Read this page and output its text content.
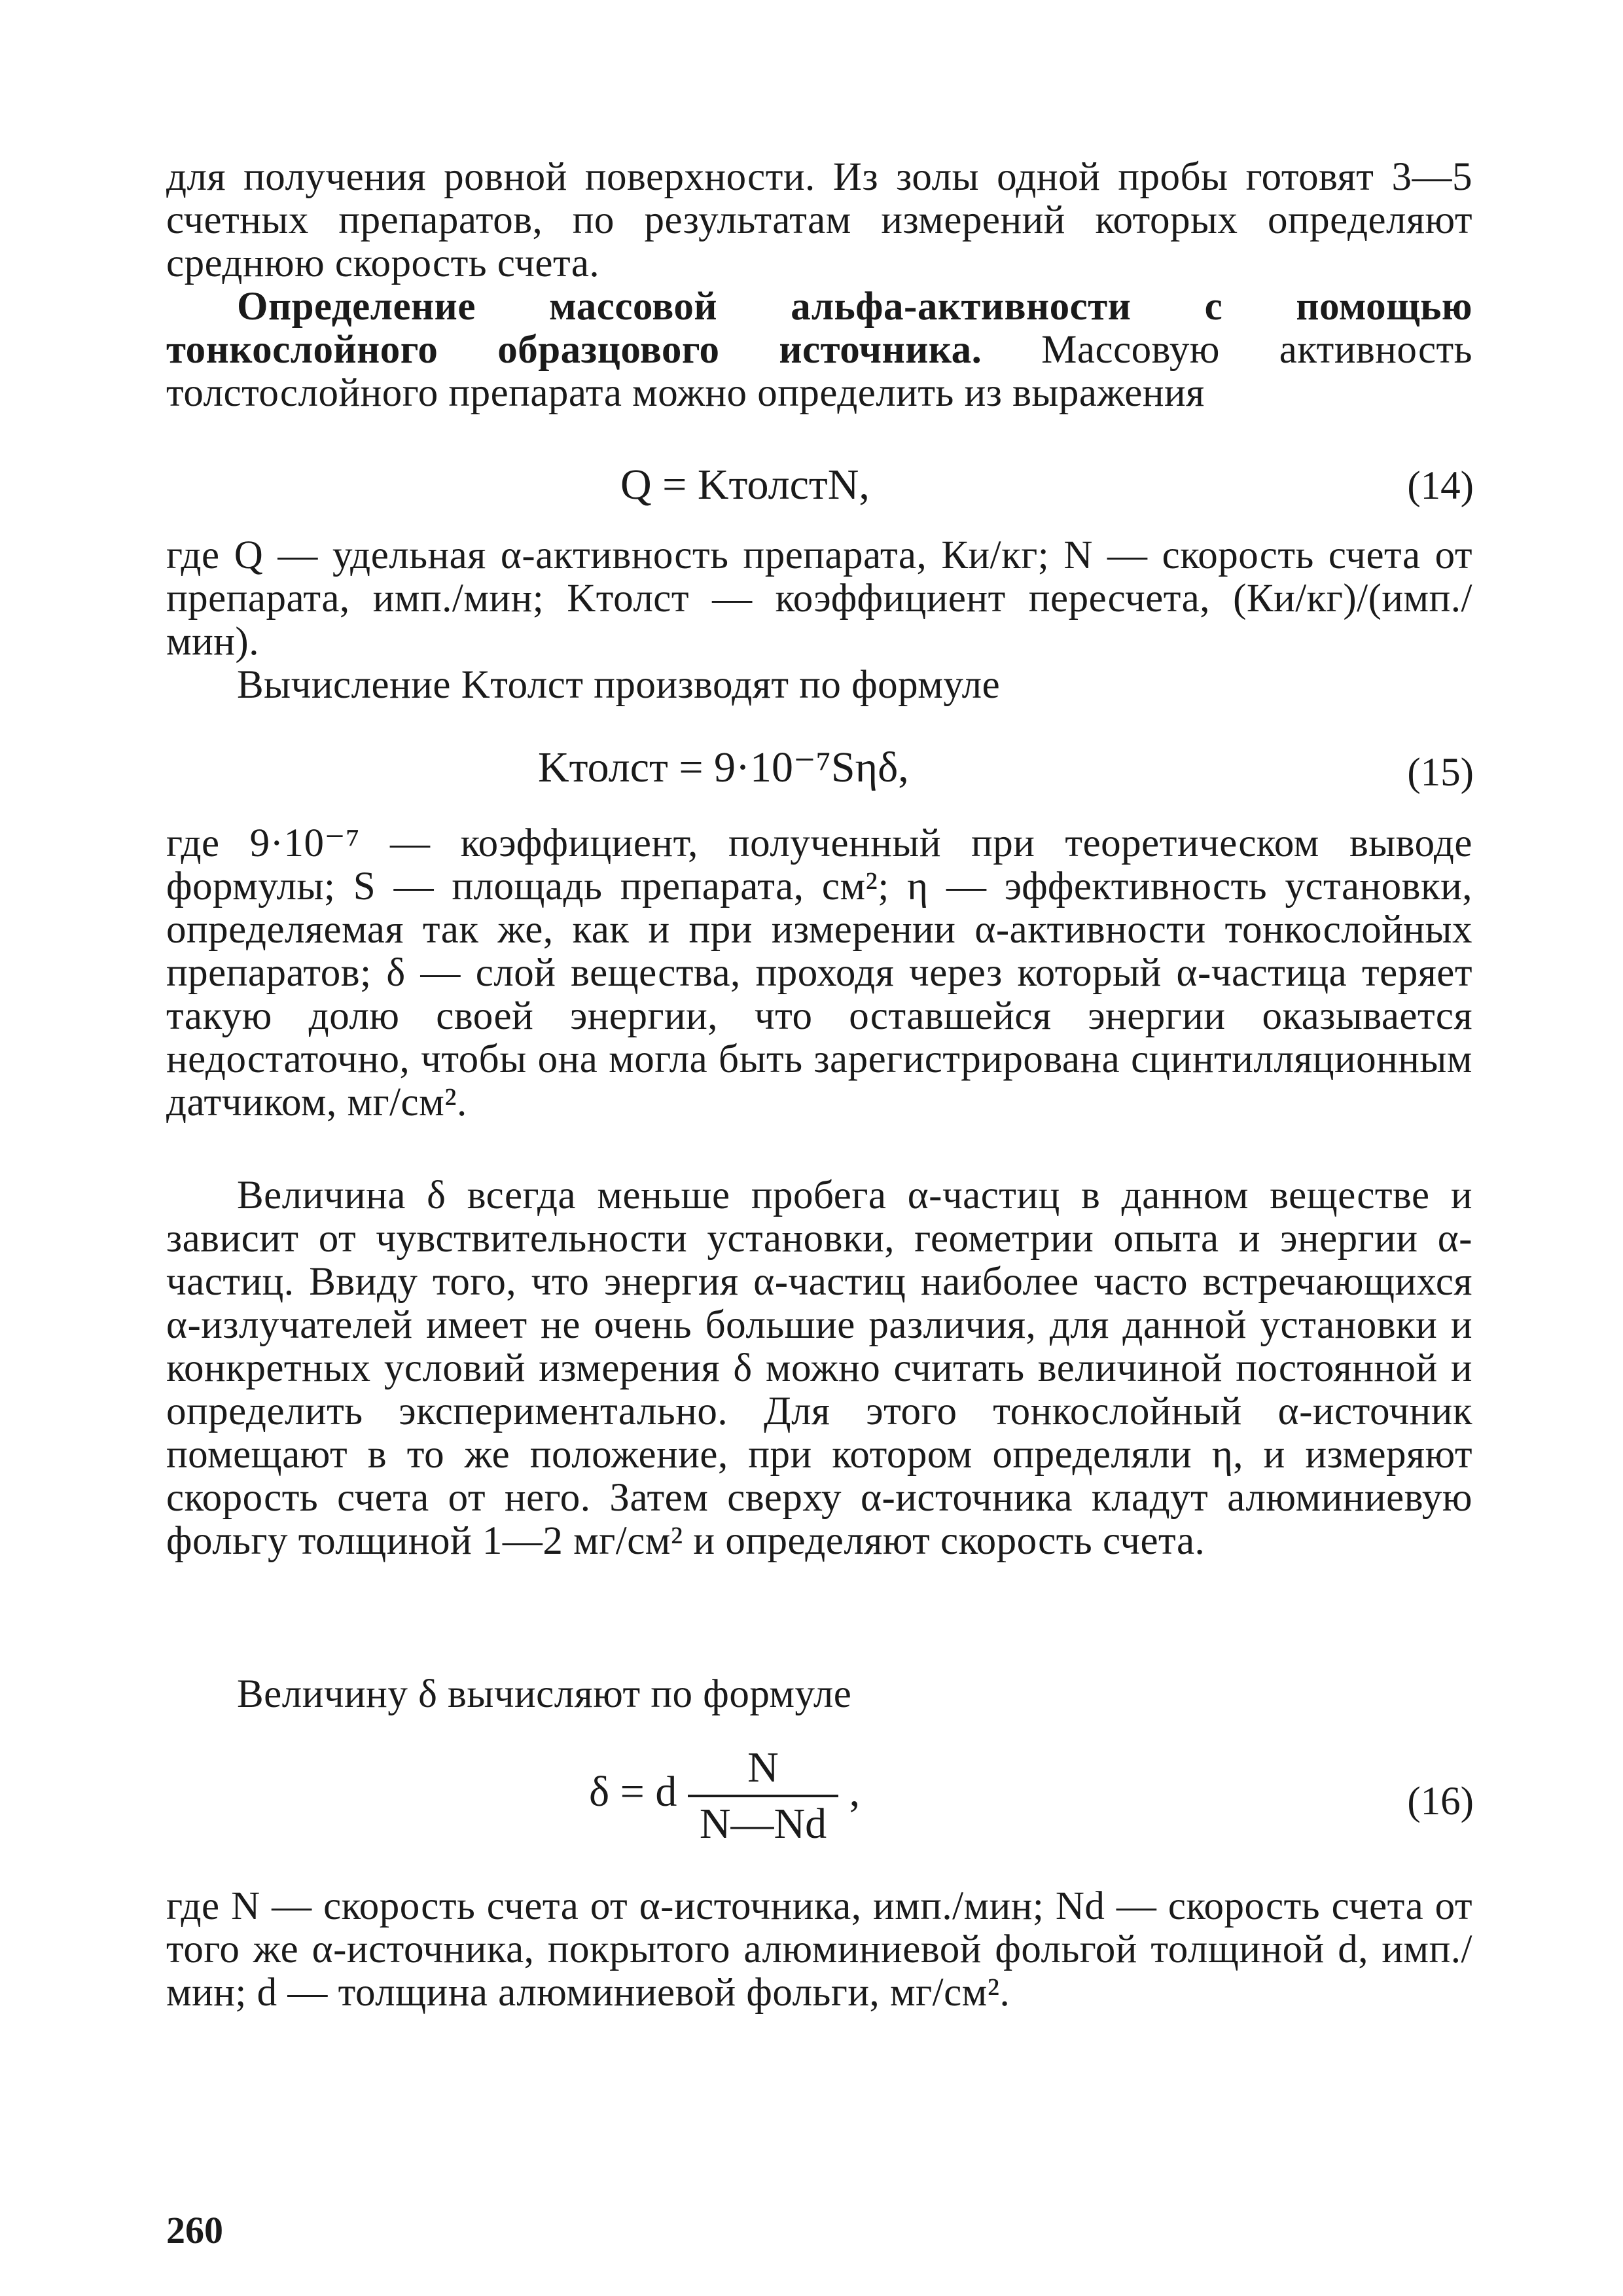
для получения ровной поверхности. Из золы одной пробы готовят 3—5 счетных препаратов, по результатам измерений которых определяют среднюю скорость счета.

Определение массовой альфа-активности с помощью тонкослойного образцового источника. Массовую активность толстослойного препарата можно определить из выражения

Q = KтолстN,	(14)

где Q — удельная α-активность препарата, Ки/кг; N — скорость счета от препарата, имп./мин; Kтолст — коэффициент пересчета, (Ки/кг)/(имп./мин).

Вычисление Kтолст производят по формуле

Kтолст = 9·10⁻⁷Sηδ,	(15)

где 9·10⁻⁷ — коэффициент, полученный при теоретическом выводе формулы; S — площадь препарата, см²; η — эффективность установки, определяемая так же, как и при измерении α-активности тонкослойных препаратов; δ — слой вещества, проходя через который α-частица теряет такую долю своей энергии, что оставшейся энергии оказывается недостаточно, чтобы она могла быть зарегистрирована сцинтилляционным датчиком, мг/см².

Величина δ всегда меньше пробега α-частиц в данном веществе и зависит от чувствительности установки, геометрии опыта и энергии α-частиц. Ввиду того, что энергия α-частиц наиболее часто встречающихся α-излучателей имеет не очень большие различия, для данной установки и конкретных условий измерения δ можно считать величиной постоянной и определить экспериментально. Для этого тонкослойный α-источник помещают в то же положение, при котором определяли η, и измеряют скорость счета от него. Затем сверху α-источника кладут алюминиевую фольгу толщиной 1—2 мг/см² и определяют скорость счета.

Величину δ вычисляют по формуле

δ = d $\frac{N}{N—Nd}$ ,	(16)

где N — скорость счета от α-источника, имп./мин; Nd — скорость счета от того же α-источника, покрытого алюминиевой фольгой толщиной d, имп./мин; d — толщина алюминиевой фольги, мг/см².

260
